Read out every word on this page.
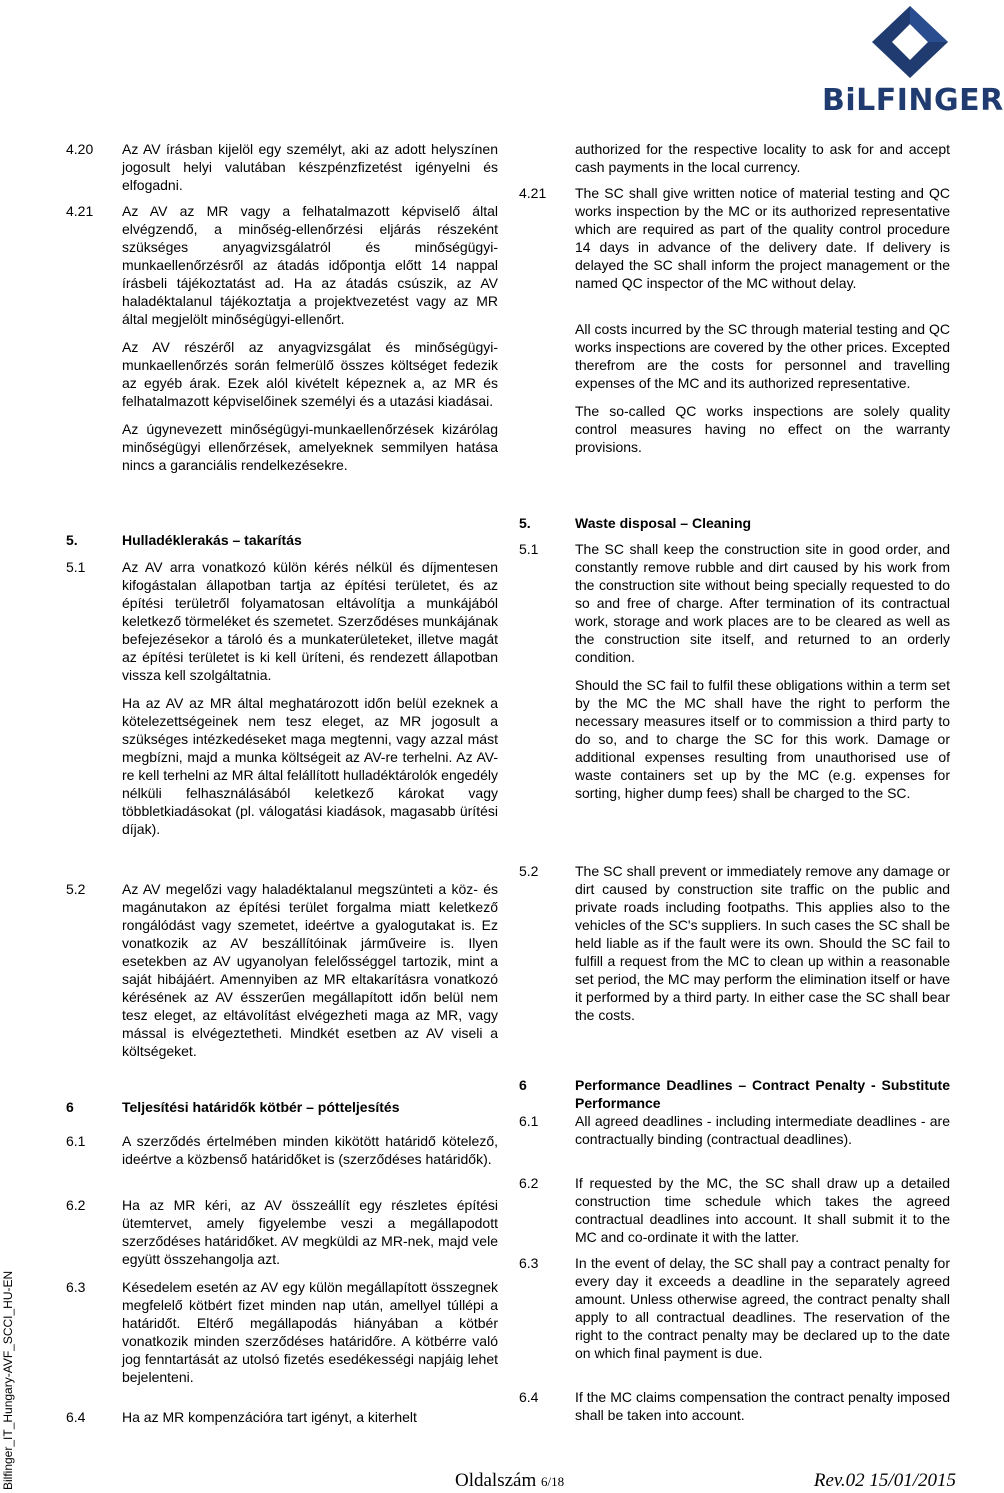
BiLFINGER
Bilfinger_IT_Hungary-AVF_SCCI_HU-EN
4.20 Az AV írásban kijelöl egy személyt, aki az adott helyszínen jogosult helyi valutában készpénzfizetést igényelni és elfogadni.

4.21 Az AV az MR vagy a felhatalmazott képviselő által elvégzendő, a minőség-ellenőrzési eljárás részeként szükséges anyagvizsgálatról és minőségügyi-munkaellenőrzésről az átadás időpontja előtt 14 nappal írásbeli tájékoztatást ad. Ha az átadás csúszik, az AV haladéktalanul tájékoztatja a projektvezetést vagy az MR által megjelölt minőségügyi-ellenőrt.

Az AV részéről az anyagvizsgálat és minőségügyi-munkaellenőrzés során felmerülő összes költséget fedezik az egyéb árak. Ezek alól kivételt képeznek a, az MR és felhatalmazott képviselőinek személyi és a utazási kiadásai.

Az úgynevezett minőségügyi-munkaellenőrzések kizárólag minőségügyi ellenőrzések, amelyeknek semmilyen hatása nincs a garanciális rendelkezésekre.

5.	Hulladéklerakás – takarítás
5.1	Az AV arra vonatkozó külön kérés nélkül és díjmentesen kifogástalan állapotban tartja az építési területet, és az építési területről folyamatosan eltávolítja a munkájából keletkező törmeléket és szemetet. Szerződéses munkájának befejezésekor a tároló és a munkaterületeket, illetve magát az építési területet is ki kell üríteni, és rendezett állapotban vissza kell szolgáltatnia.

Ha az AV az MR által meghatározott időn belül ezeknek a kötelezettségeinek nem tesz eleget, az MR jogosult a szükséges intézkedéseket maga megtenni, vagy azzal mást megbízni, majd a munka költségeit az AV-re terhelni. Az AV-re kell terhelni az MR által felállított hulladéktárolók engedély nélküli felhasználásából keletkező károkat vagy többletkiadásokat (pl. válogatási kiadások, magasabb ürítési díjak).

5.2	Az AV megelőzi vagy haladéktalanul megszünteti a köz- és magánutakon az építési terület forgalma miatt keletkező rongálódást vagy szemetet, ideértve a gyalogutakat is. Ez vonatkozik az AV beszállítóinak járműveire is. Ilyen esetekben az AV ugyanolyan felelősséggel tartozik, mint a saját hibájáért. Amennyiben az MR eltakarításra vonatkozó kérésének az AV ésszerűen megállapított időn belül nem tesz eleget, az eltávolítást elvégezheti maga az MR, vagy mással is elvégeztetheti. Mindkét esetben az AV viseli a költségeket.

6	Teljesítési határidők kötbér – pótteljesítés
6.1	A szerződés értelmében minden kikötött határidő kötelező, ideértve a közbenső határidőket is (szerződéses határidők).

6.2	Ha az MR kéri, az AV összeállít egy részletes építési ütemtervet, amely figyelembe veszi a megállapodott szerződéses határidőket. AV megküldi az MR-nek, majd vele együtt összehangolja azt.

6.3	Késedelem esetén az AV egy külön megállapított összegnek megfelelő kötbért fizet minden nap után, amellyel túllépi a határidőt. Eltérő megállapodás hiányában a kötbér vonatkozik minden szerződéses határidőre. A kötbérre való jog fenntartását az utolsó fizetés esedékességi napjáig lehet bejelenteni.

6.4	Ha az MR kompenzációra tart igényt, a kiterhelt

authorized for the respective locality to ask for and accept cash payments in the local currency.

4.21 The SC shall give written notice of material testing and QC works inspection by the MC or its authorized representative which are required as part of the quality control procedure 14 days in advance of the delivery date. If delivery is delayed the SC shall inform the project management or the named QC inspector of the MC without delay.

All costs incurred by the SC through material testing and QC works inspections are covered by the other prices. Excepted therefrom are the costs for personnel and travelling expenses of the MC and its authorized representative.

The so-called QC works inspections are solely quality control measures having no effect on the warranty provisions.

5.	Waste disposal – Cleaning
5.1	The SC shall keep the construction site in good order, and constantly remove rubble and dirt caused by his work from the construction site without being specially requested to do so and free of charge. After termination of its contractual work, storage and work places are to be cleared as well as the construction site itself, and returned to an orderly condition.

Should the SC fail to fulfil these obligations within a term set by the MC the MC shall have the right to perform the necessary measures itself or to commission a third party to do so, and to charge the SC for this work. Damage or additional expenses resulting from unauthorised use of waste containers set up by the MC (e.g. expenses for sorting, higher dump fees) shall be charged to the SC.

5.2	The SC shall prevent or immediately remove any damage or dirt caused by construction site traffic on the public and private roads including footpaths. This applies also to the vehicles of the SC's suppliers. In such cases the SC shall be held liable as if the fault were its own. Should the SC fail to fulfill a request from the MC to clean up within a reasonable set period, the MC may perform the elimination itself or have it performed by a third party. In either case the SC shall bear the costs.

6	Performance Deadlines – Contract Penalty - Substitute Performance

6.1	All agreed deadlines - including intermediate deadlines - are contractually binding (contractual deadlines).

6.2	If requested by the MC, the SC shall draw up a detailed construction time schedule which takes the agreed contractual deadlines into account. It shall submit it to the MC and co-ordinate it with the latter.

6.3	In the event of delay, the SC shall pay a contract penalty for every day it exceeds a deadline in the separately agreed amount. Unless otherwise agreed, the contract penalty shall apply to all contractual deadlines. The reservation of the right to the contract penalty may be declared up to the date on which final payment is due.

6.4	If the MC claims compensation the contract penalty imposed shall be taken into account.

Oldalszám 6/18	Rev.02 15/01/2015
